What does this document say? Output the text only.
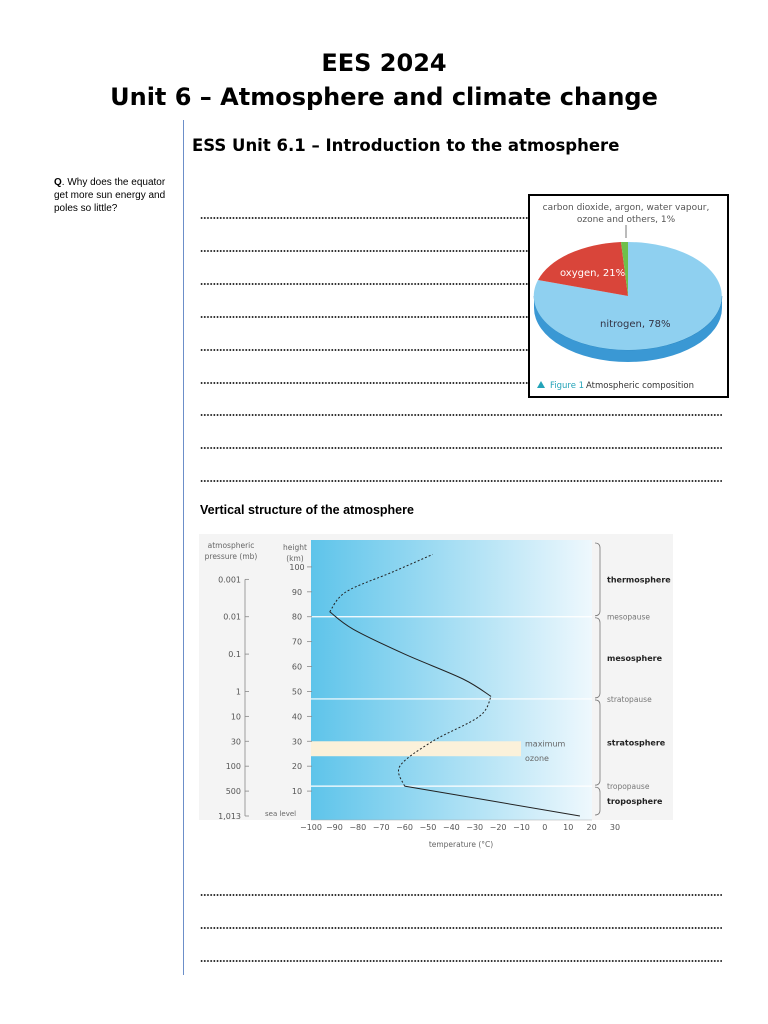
EES 2024
Unit 6 – Atmosphere and climate change
ESS Unit 6.1 – Introduction to the atmosphere
Q. Why does the equator get more sun energy and poles so little?	carbon dioxide, argon, water vapour,
ozone and others, 1%
oxygen, 21%
nitrogen, 78%
Figure 1 Atmospheric composition
Vertical structure of the atmosphere
maximum
ozone
tropopause
stratopause
mesopause
troposphere
stratosphere
mesosphere
thermosphere
height
(km)
10
20
30
40
50
60
70
80
90
100
sea level
atmospheric
pressure (mb)
0.001
0.01
0.1
1
10
30
100
500
1,013
−100 −90 −80 −70 −60 −50 −40 −30 −20 −10 0 10 20 30
temperature (°C)
